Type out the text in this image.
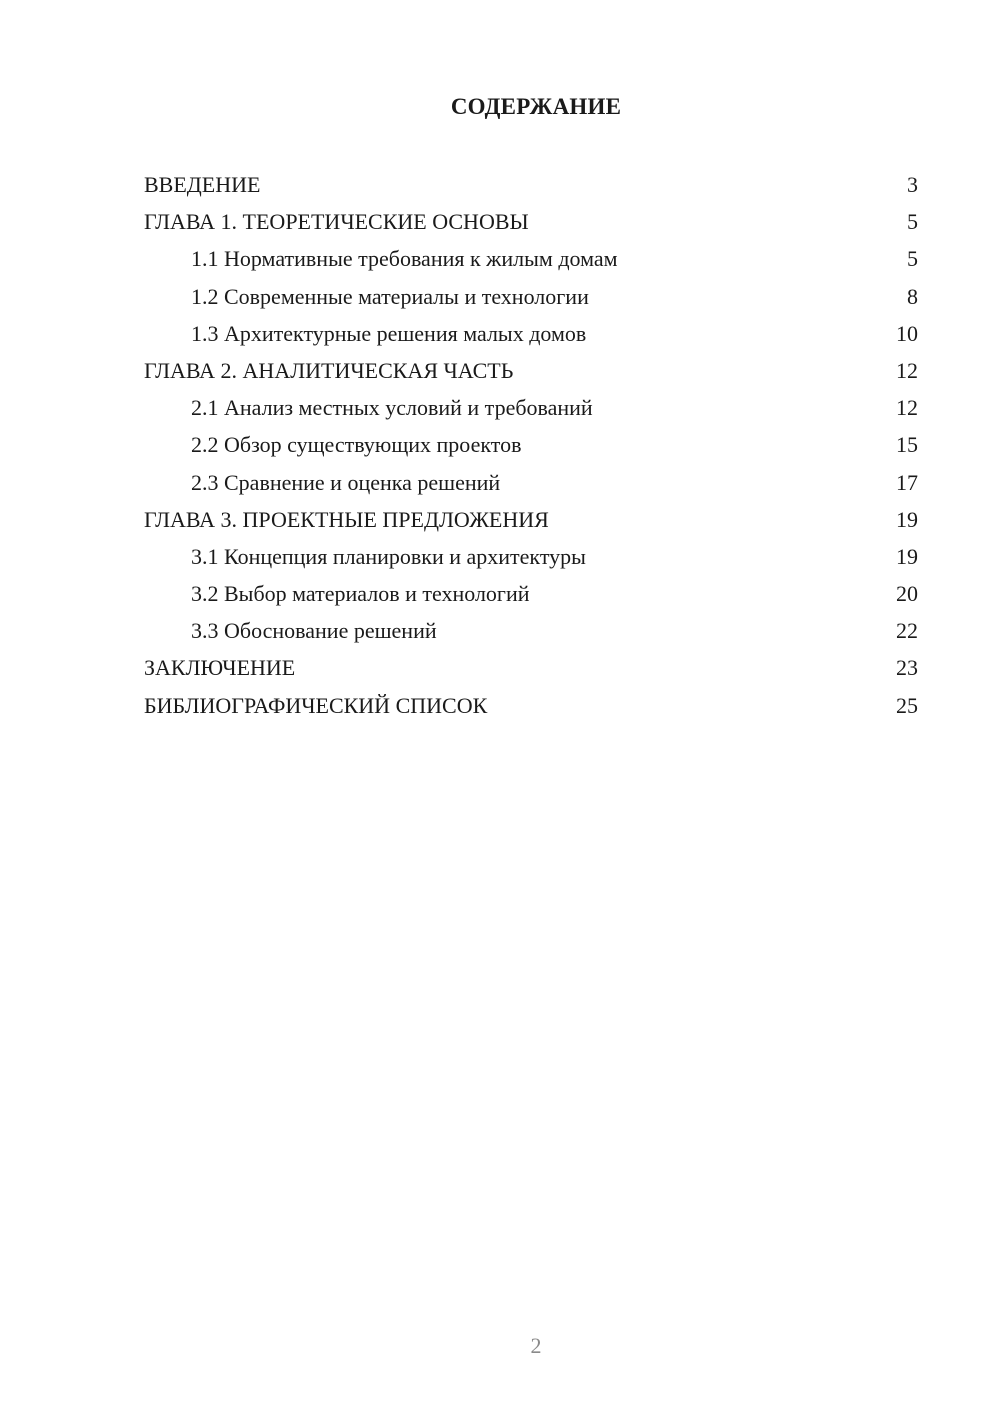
СОДЕРЖАНИЕ
ВВЕДЕНИЕ	3
ГЛАВА 1. ТЕОРЕТИЧЕСКИЕ ОСНОВЫ	5
1.1 Нормативные требования к жилым домам	5
1.2 Современные материалы и технологии	8
1.3 Архитектурные решения малых домов	10
ГЛАВА 2. АНАЛИТИЧЕСКАЯ ЧАСТЬ	12
2.1 Анализ местных условий и требований	12
2.2 Обзор существующих проектов	15
2.3 Сравнение и оценка решений	17
ГЛАВА 3. ПРОЕКТНЫЕ ПРЕДЛОЖЕНИЯ	19
3.1 Концепция планировки и архитектуры	19
3.2 Выбор материалов и технологий	20
3.3 Обоснование решений	22
ЗАКЛЮЧЕНИЕ	23
БИБЛИОГРАФИЧЕСКИЙ СПИСОК	25
2
